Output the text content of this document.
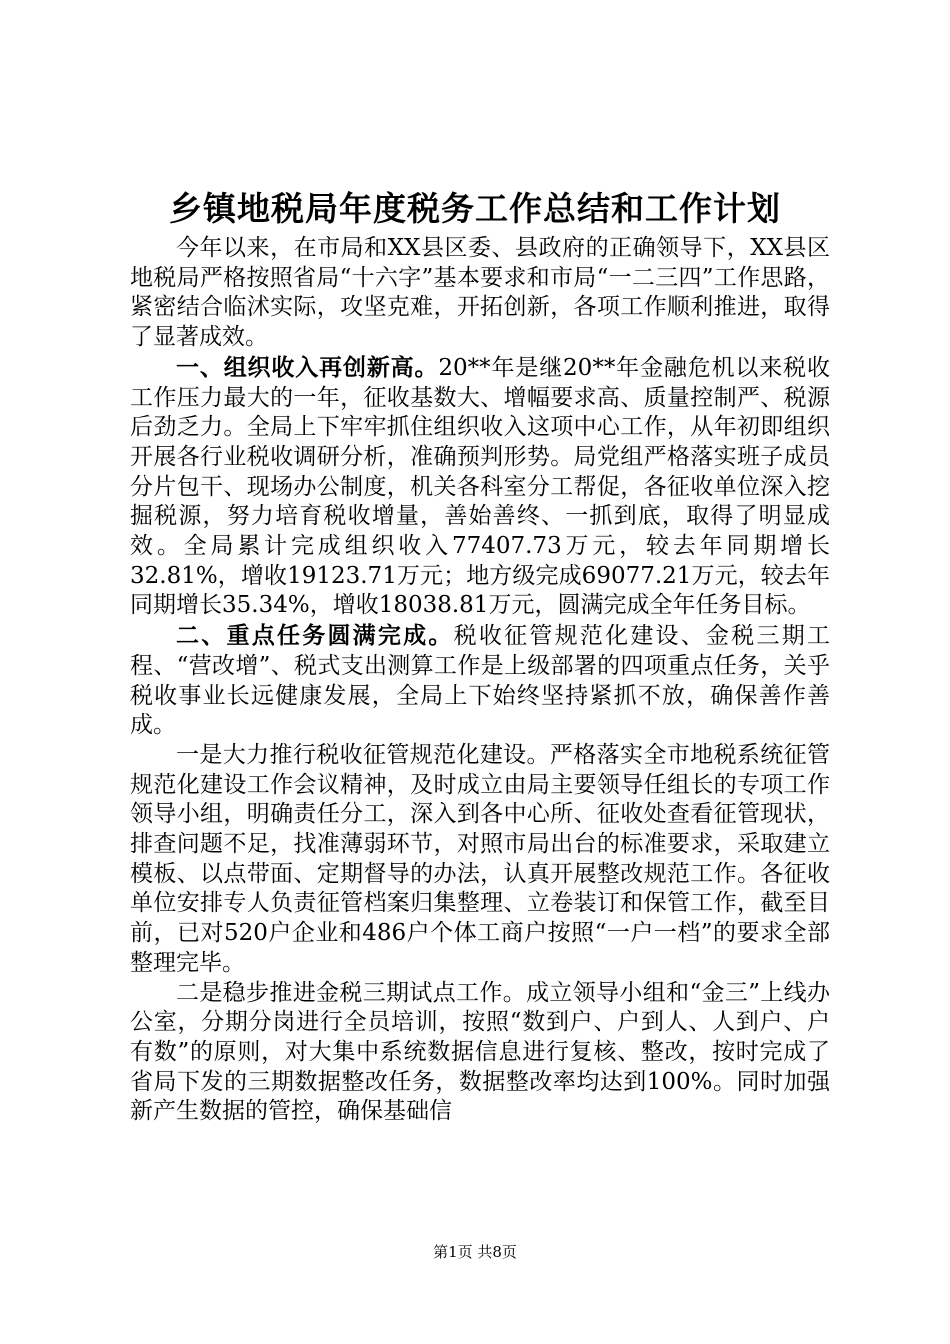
乡镇地税局年度税务工作总结和工作计划

今年以来，在市局和XX县区委、县政府的正确领导下，XX县区地税局严格按照省局“十六字”基本要求和市局“一二三四”工作思路，紧密结合临沭实际，攻坚克难，开拓创新，各项工作顺利推进，取得了显著成效。

一、组织收入再创新高。20**年是继20**年金融危机以来税收工作压力最大的一年，征收基数大、增幅要求高、质量控制严、税源后劲乏力。全局上下牢牢抓住组织收入这项中心工作，从年初即组织开展各行业税收调研分析，准确预判形势。局党组严格落实班子成员分片包干、现场办公制度，机关各科室分工帮促，各征收单位深入挖掘税源，努力培育税收增量，善始善终、一抓到底，取得了明显成效。全局累计完成组织收入77407.73万元，较去年同期增长32.81%，增收19123.71万元；地方级完成69077.21万元，较去年同期增长35.34%，增收18038.81万元，圆满完成全年任务目标。

二、重点任务圆满完成。税收征管规范化建设、金税三期工程、“营改增”、税式支出测算工作是上级部署的四项重点任务，关乎税收事业长远健康发展，全局上下始终坚持紧抓不放，确保善作善成。

一是大力推行税收征管规范化建设。严格落实全市地税系统征管规范化建设工作会议精神，及时成立由局主要领导任组长的专项工作领导小组，明确责任分工，深入到各中心所、征收处查看征管现状，排查问题不足，找准薄弱环节，对照市局出台的标准要求，采取建立模板、以点带面、定期督导的办法，认真开展整改规范工作。各征收单位安排专人负责征管档案归集整理、立卷装订和保管工作，截至目前，已对520户企业和486户个体工商户按照“一户一档”的要求全部整理完毕。

二是稳步推进金税三期试点工作。成立领导小组和“金三”上线办公室，分期分岗进行全员培训，按照“数到户、户到人、人到户、户有数”的原则，对大集中系统数据信息进行复核、整改，按时完成了省局下发的三期数据整改任务，数据整改率均达到100%。同时加强新产生数据的管控，确保基础信

第1页 共8页
